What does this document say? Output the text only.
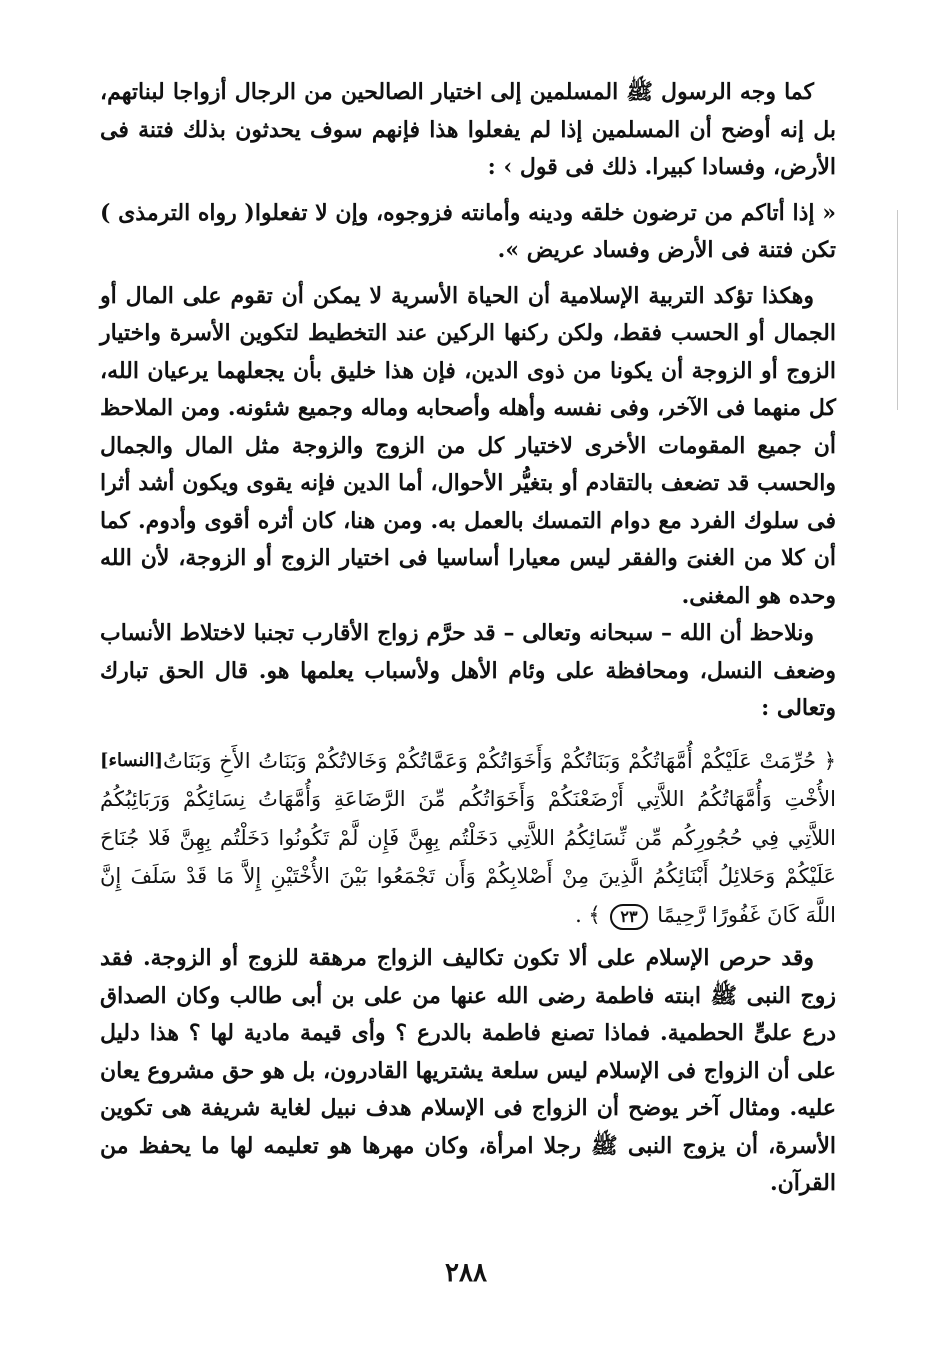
كما وجه الرسول ﷺ المسلمين إلى اختيار الصالحين من الرجال أزواجا لبناتهم، بل إنه أوضح أن المسلمين إذا لم يفعلوا هذا فإنهم سوف يحدثون بذلك فتنة فى الأرض، وفسادا كبيرا. ذلك فى قول › :

( رواه الترمذى ) « إذا أتاكم من ترضون خلقه ودينه وأمانته فزوجوه، وإن لا تفعلوا تكن فتنة فى الأرض وفساد عريض ».

وهكذا تؤكد التربية الإسلامية أن الحياة الأسرية لا يمكن أن تقوم على المال أو الجمال أو الحسب فقط، ولكن ركنها الركين عند التخطيط لتكوين الأسرة واختيار الزوج أو الزوجة أن يكونا من ذوى الدين، فإن هذا خليق بأن يجعلهما يرعيان الله، كل منهما فى الآخر، وفى نفسه وأهله وأصحابه وماله وجميع شئونه. ومن الملاحظ أن جميع المقومات الأخرى لاختيار كل من الزوج والزوجة مثل المال والجمال والحسب قد تضعف بالتقادم أو بتغيُّر الأحوال، أما الدين فإنه يقوى ويكون أشد أثرا فى سلوك الفرد مع دوام التمسك بالعمل به. ومن هنا، كان أثره أقوى وأدوم. كما أن كلا من الغنىَ والفقر ليس معيارا أساسيا فى اختيار الزوج أو الزوجة، لأن الله وحده هو المغنى.

ونلاحظ أن الله – سبحانه وتعالى – قد حرَّم زواج الأقارب تجنبا لاختلاط الأنساب وضعف النسل، ومحافظة على وئام الأهل ولأسباب يعلمها هو. قال الحق تبارك وتعالى :

[النساء] ﴿ حُرِّمَتْ عَلَيْكُمْ أُمَّهَاتُكُمْ وَبَنَاتُكُمْ وَأَخَوَاتُكُمْ وَعَمَّاتُكُمْ وَخَالاتُكُمْ وَبَنَاتُ الأَخِ وَبَنَاتُ الأُخْتِ وَأُمَّهَاتُكُمُ اللاَّتِي أَرْضَعْنَكُمْ وَأَخَوَاتُكُم مِّنَ الرَّضَاعَةِ وَأُمَّهَاتُ نِسَائِكُمْ وَرَبَائِبُكُمُ اللاَّتِي فِي حُجُورِكُم مِّن نِّسَائِكُمُ اللاَّتِي دَخَلْتُم بِهِنَّ فَإِن لَّمْ تَكُونُوا دَخَلْتُم بِهِنَّ فَلا جُنَاحَ عَلَيْكُمْ وَحَلائِلُ أَبْنَائِكُمُ الَّذِينَ مِنْ أَصْلابِكُمْ وَأَن تَجْمَعُوا بَيْنَ الأُخْتَيْنِ إِلاَّ مَا قَدْ سَلَفَ إِنَّ اللَّهَ كَانَ غَفُورًا رَّحِيمًا ٢٣ ﴾ .

وقد حرص الإسلام على ألا تكون تكاليف الزواج مرهقة للزوج أو الزوجة. فقد زوج النبى ﷺ ابنته فاطمة رضى الله عنها من على بن أبى طالب وكان الصداق درع علىٍّ الحطمية. فماذا تصنع فاطمة بالدرع ؟ وأى قيمة مادية لها ؟ هذا دليل على أن الزواج فى الإسلام ليس سلعة يشتريها القادرون، بل هو حق مشروع يعان عليه. ومثال آخر يوضح أن الزواج فى الإسلام هدف نبيل لغاية شريفة هى تكوين الأسرة، أن يزوج النبى ﷺ رجلا امرأة، وكان مهرها هو تعليمه لها ما يحفظ من القرآن.

٢٨٨
